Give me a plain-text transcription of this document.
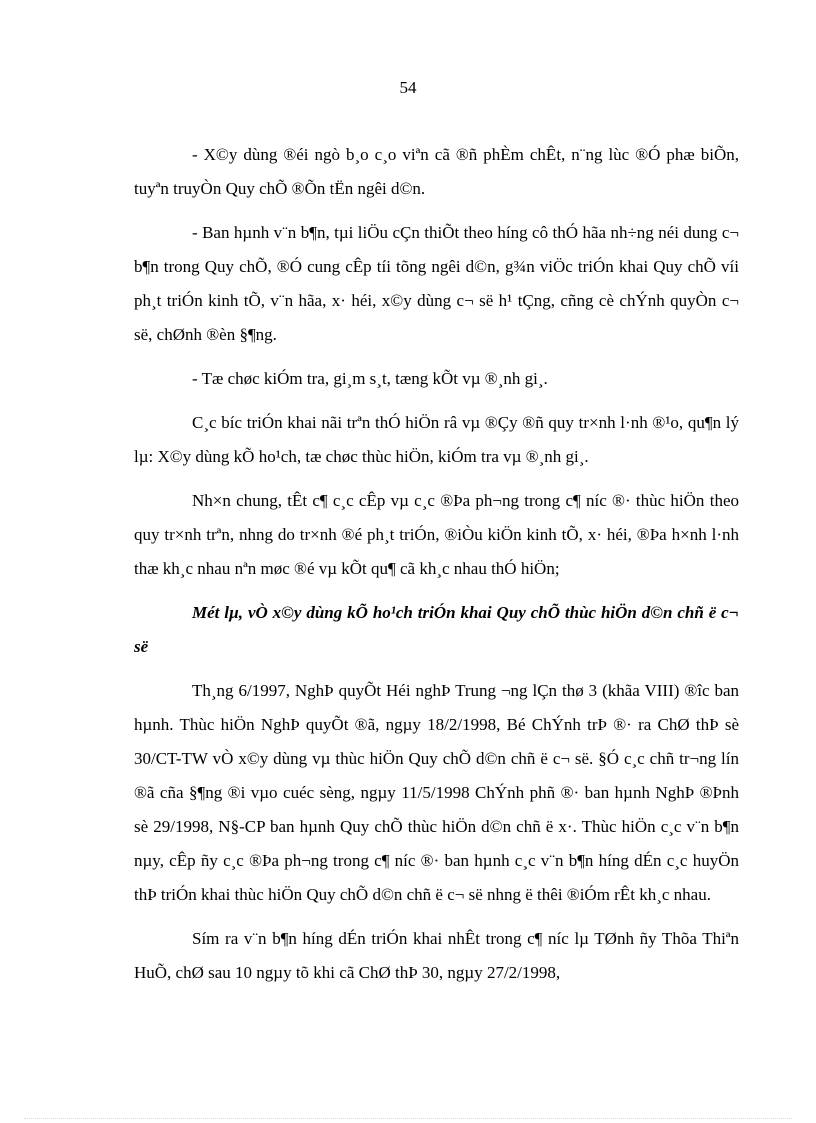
54

- X©y dùng ®éi ngò b¸o c¸o viªn cã ®ñ phÈm chÊt, n¨ng lùc ®Ó phæ biÕn, tuyªn truyÒn Quy chÕ ®Õn tËn ngêi d©n.

- Ban hµnh v¨n b¶n, tµi liÖu cÇn thiÕt theo híng cô thÓ hãa nh÷ng néi dung c¬ b¶n trong Quy chÕ, ®Ó cung cÊp tíi tõng ngêi d©n, g¾n viÖc triÓn khai Quy chÕ víi ph¸t triÓn kinh tÕ, v¨n hãa, x· héi, x©y dùng c¬ së h¹ tÇng, cñng cè chÝnh quyÒn c¬ së, chØnh ®èn §¶ng.

- Tæ chøc kiÓm tra, gi¸m s¸t, tæng kÕt vµ ®¸nh gi¸.

C¸c bíc triÓn khai nãi trªn thÓ hiÖn râ vµ ®Çy ®ñ quy tr×nh l·nh ®¹o, qu¶n lý lµ: X©y dùng kÕ ho¹ch, tæ chøc thùc hiÖn, kiÓm tra vµ ®¸nh gi¸.

Nh×n chung, tÊt c¶ c¸c cÊp vµ c¸c ®Þa ph¬ng trong c¶ níc ®· thùc hiÖn theo quy tr×nh trªn, nhng do tr×nh ®é ph¸t triÓn, ®iÒu kiÖn kinh tÕ, x· héi, ®Þa h×nh l·nh thæ kh¸c nhau nªn møc ®é vµ kÕt qu¶ cã kh¸c nhau thÓ hiÖn;

Mét lµ, vÒ x©y dùng kÕ ho¹ch triÓn khai Quy chÕ thùc hiÖn d©n chñ ë c¬ së

Th¸ng 6/1997, NghÞ quyÕt Héi nghÞ Trung ¬ng lÇn thø 3 (khãa VIII) ®îc ban hµnh. Thùc hiÖn NghÞ quyÕt ®ã, ngµy 18/2/1998, Bé ChÝnh trÞ ®· ra ChØ thÞ sè 30/CT-TW vÒ x©y dùng vµ thùc hiÖn Quy chÕ d©n chñ ë c¬ së. §Ó c¸c chñ tr¬ng lín ®ã cña §¶ng ®i vµo cuéc sèng, ngµy 11/5/1998 ChÝnh phñ ®· ban hµnh NghÞ ®Þnh sè 29/1998, N§-CP ban hµnh Quy chÕ thùc hiÖn d©n chñ ë x·. Thùc hiÖn c¸c v¨n b¶n nµy, cÊp ñy c¸c ®Þa ph¬ng trong c¶ níc ®· ban hµnh c¸c v¨n b¶n híng dÉn c¸c huyÖn thÞ triÓn khai thùc hiÖn Quy chÕ d©n chñ ë c¬ së nhng ë thêi ®iÓm rÊt kh¸c nhau.

Sím ra v¨n b¶n híng dÉn triÓn khai nhÊt trong c¶ níc lµ TØnh ñy Thõa Thiªn HuÕ, chØ sau 10 ngµy tõ khi cã ChØ thÞ 30, ngµy 27/2/1998,
